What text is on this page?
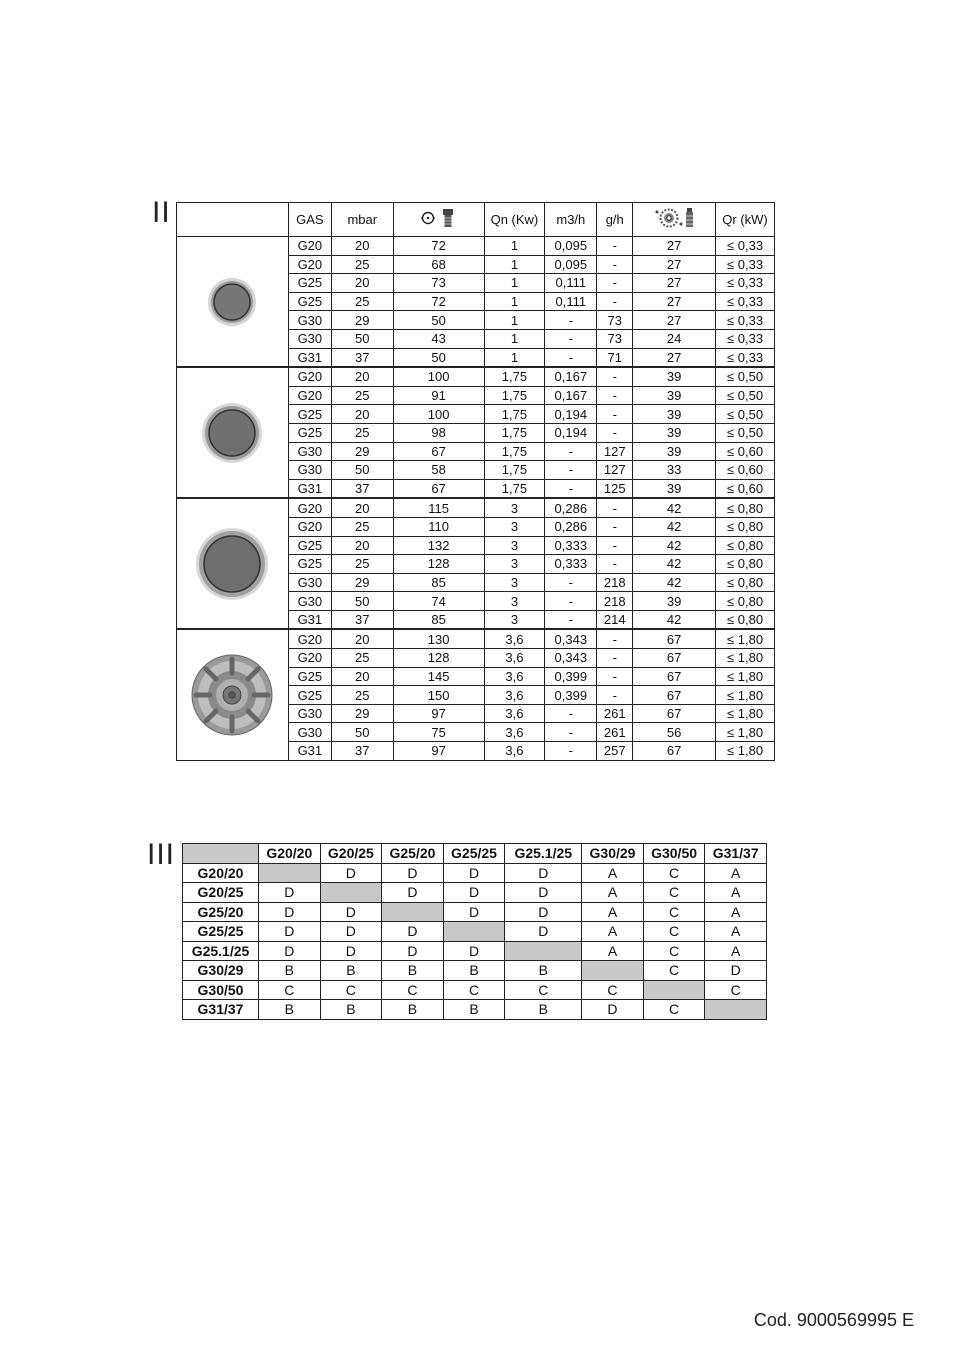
II
		GAS	mbar		Qn (Kw)	m3/h	g/h		Qr (kW)

	G20	20	72	1	0,095	-	27	≤ 0,33
	G20	25	68	1	0,095	-	27	≤ 0,33
	G25	20	73	1	0,111	-	27	≤ 0,33
	G25	25	72	1	0,111	-	27	≤ 0,33
	G30	29	50	1	-	73	27	≤ 0,33
	G30	50	43	1	-	73	24	≤ 0,33
	G31	37	50	1	-	71	27	≤ 0,33

	G20	20	100	1,75	0,167	-	39	≤ 0,50
	G20	25	91	1,75	0,167	-	39	≤ 0,50
	G25	20	100	1,75	0,194	-	39	≤ 0,50
	G25	25	98	1,75	0,194	-	39	≤ 0,50
	G30	29	67	1,75	-	127	39	≤ 0,60
	G30	50	58	1,75	-	127	33	≤ 0,60
	G31	37	67	1,75	-	125	39	≤ 0,60

	G20	20	115	3	0,286	-	42	≤ 0,80
	G20	25	110	3	0,286	-	42	≤ 0,80
	G25	20	132	3	0,333	-	42	≤ 0,80
	G25	25	128	3	0,333	-	42	≤ 0,80
	G30	29	85	3	-	218	42	≤ 0,80
	G30	50	74	3	-	218	39	≤ 0,80
	G31	37	85	3	-	214	42	≤ 0,80

	G20	20	130	3,6	0,343	-	67	≤ 1,80
	G20	25	128	3,6	0,343	-	67	≤ 1,80
	G25	20	145	3,6	0,399	-	67	≤ 1,80
	G25	25	150	3,6	0,399	-	67	≤ 1,80
	G30	29	97	3,6	-	261	67	≤ 1,80
	G30	50	75	3,6	-	261	56	≤ 1,80
	G31	37	97	3,6	-	257	67	≤ 1,80
III
		G20/20	G20/25	G25/20	G25/25	G25.1/25	G30/29	G30/50	G31/37
G20/20		D	D	D	D	A	C	A
G20/25	D		D	D	D	A	C	A
G25/20	D	D		D	D	A	C	A
G25/25	D	D	D		D	A	C	A
G25.1/25	D	D	D	D		A	C	A
G30/29	B	B	B	B	B		C	D
G30/50	C	C	C	C	C	C		C
G31/37	B	B	B	B	B	D	C	
Cod. 9000569995 E
